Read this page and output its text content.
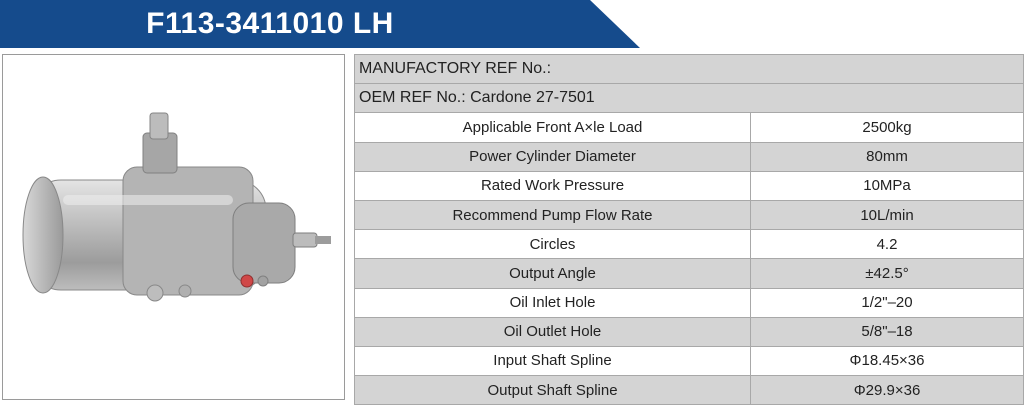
F113-3411010 LH
MANUFACTORY REF No.:	
OEM REF No.: Cardone 27-7501	
Applicable Front A×le Load	2500kg
Power Cylinder Diameter	80mm
Rated Work Pressure	10MPa
Recommend Pump Flow Rate	10L/min
Circles	4.2
Output Angle	±42.5°
Oil Inlet Hole	1/2"–20
Oil Outlet Hole	5/8"–18
Input Shaft Spline	Φ18.45×36
Output Shaft Spline	Φ29.9×36
